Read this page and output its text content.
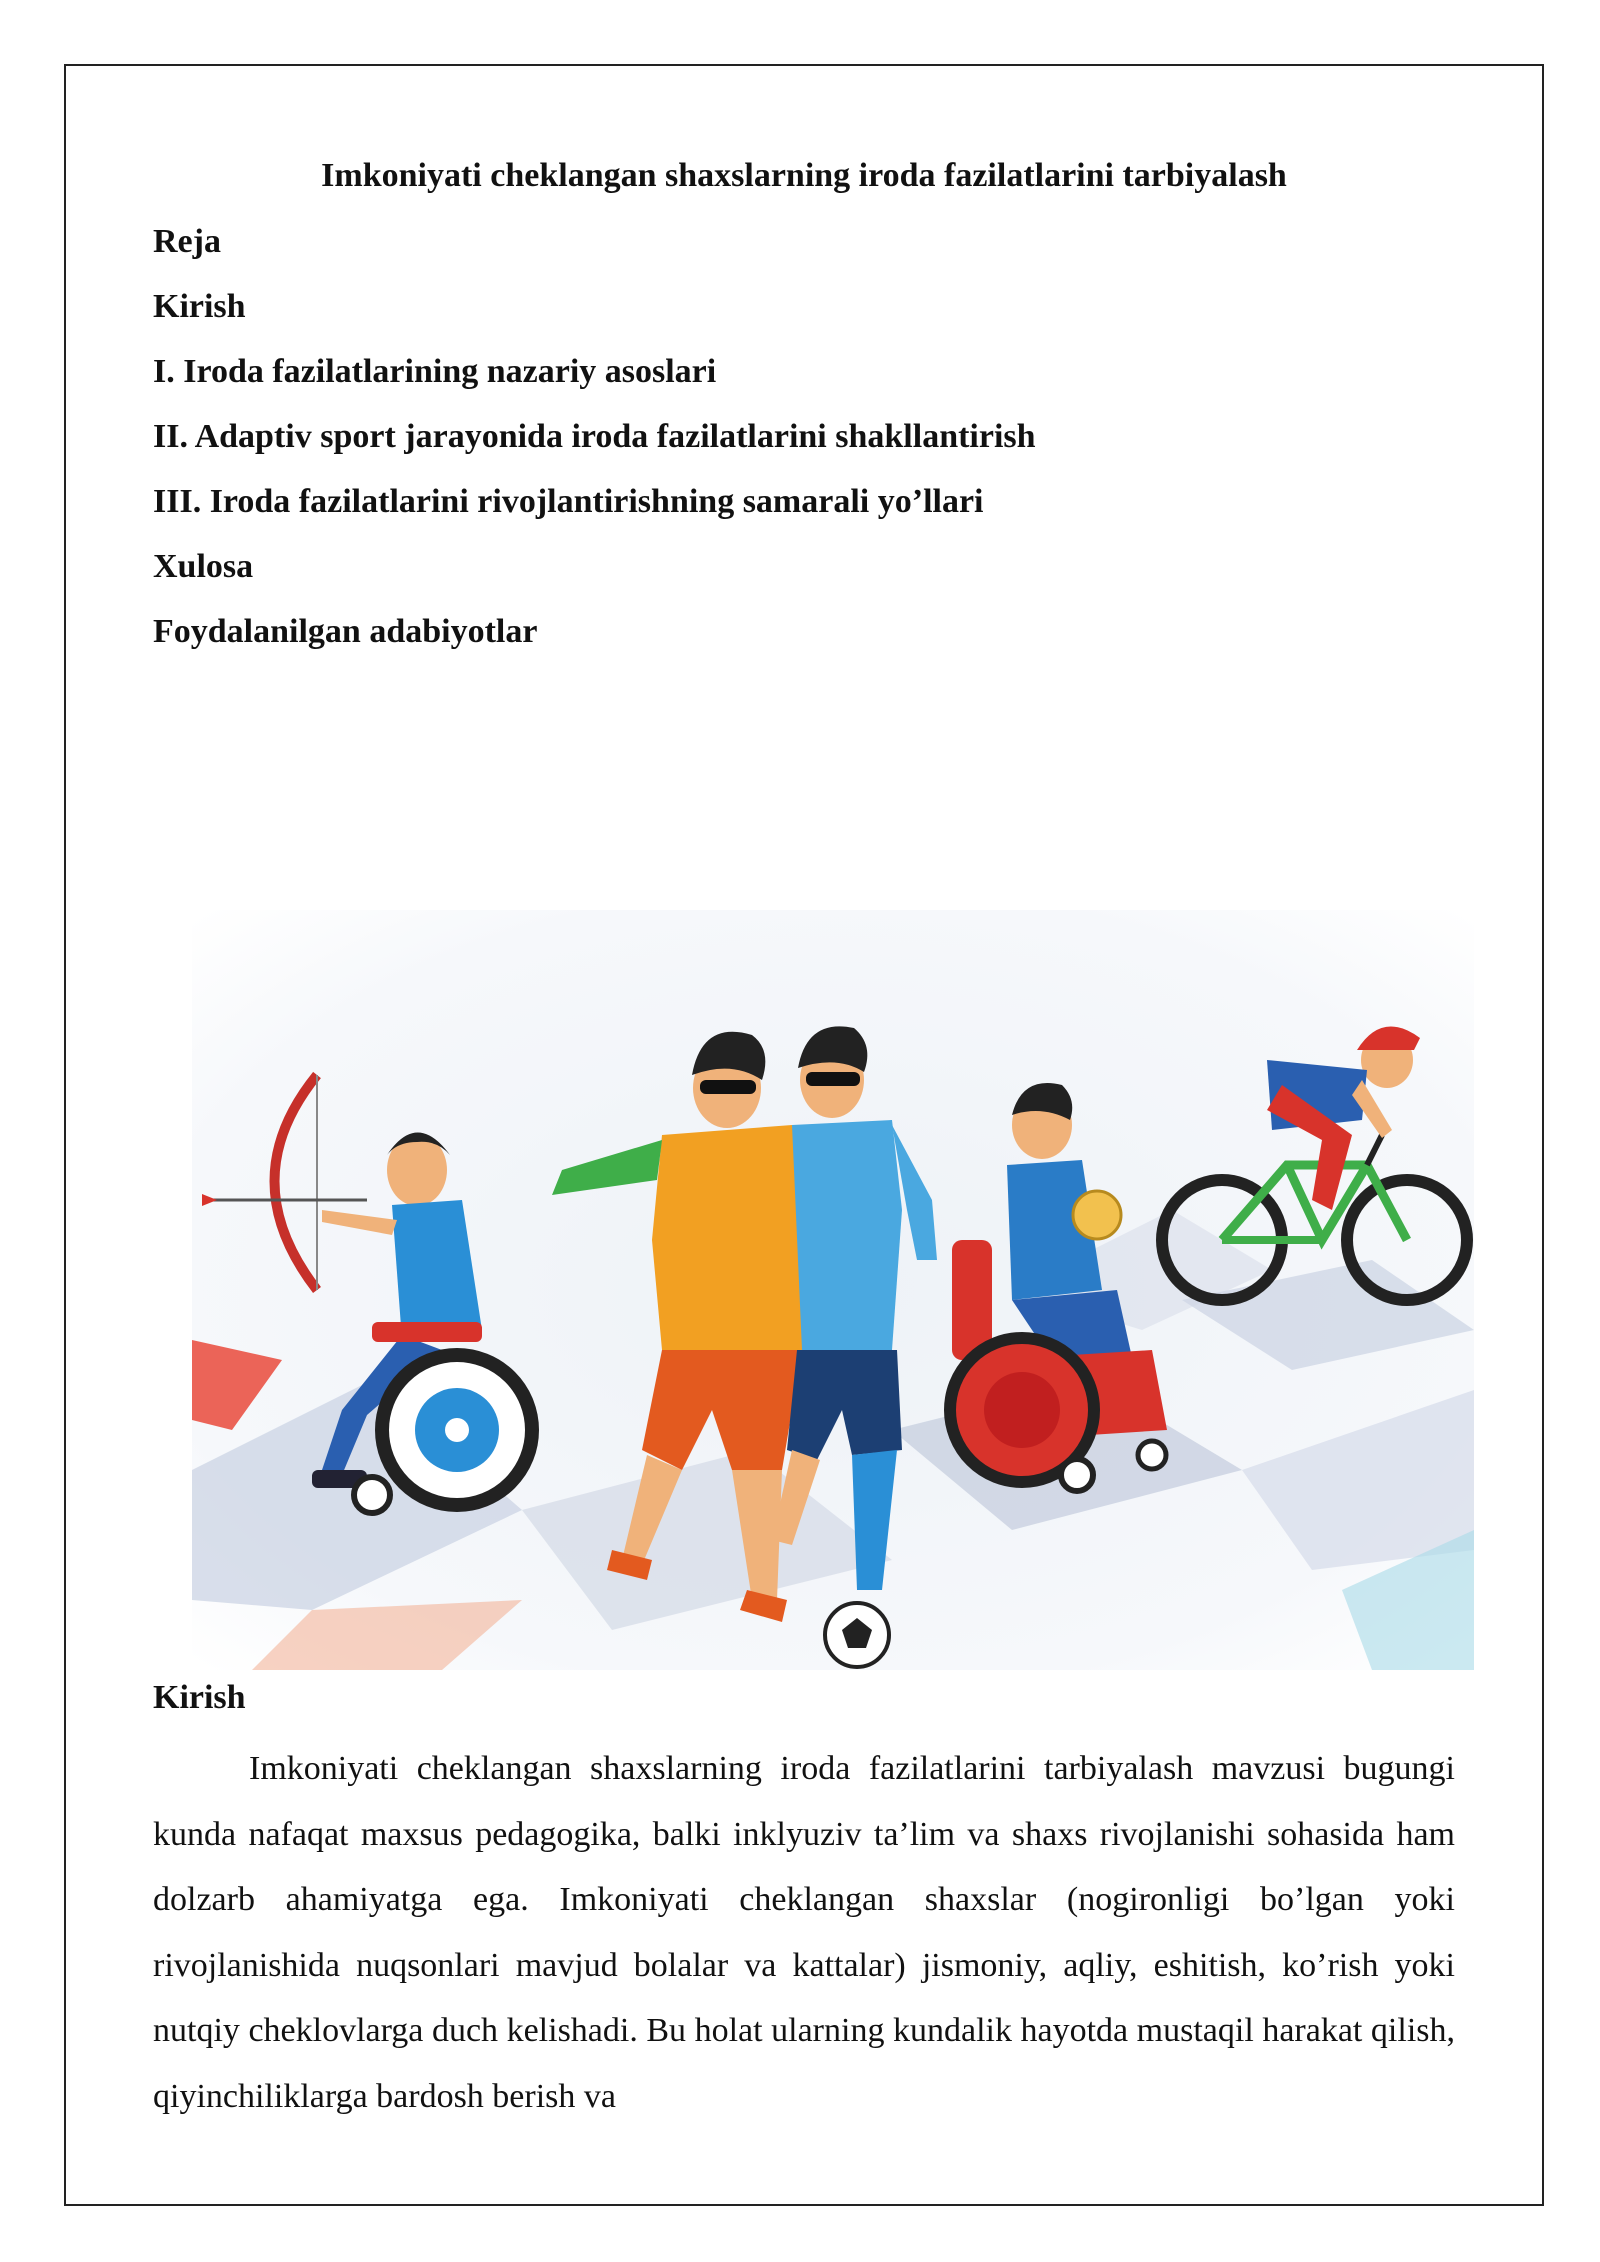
Imkoniyati cheklangan shaxslarning iroda fazilatlarini tarbiyalash

Reja

Kirish

I. Iroda fazilatlarining nazariy asoslari

II. Adaptiv sport jarayonida iroda fazilatlarini shakllantirish

III. Iroda fazilatlarini rivojlantirishning samarali yo’llari

Xulosa

Foydalanilgan adabiyotlar

Kirish

Imkoniyati cheklangan shaxslarning iroda fazilatlarini tarbiyalash mavzusi bugungi kunda nafaqat maxsus pedagogika, balki inklyuziv ta’lim va shaxs rivojlanishi sohasida ham dolzarb ahamiyatga ega. Imkoniyati cheklangan shaxslar (nogironligi bo’lgan yoki rivojlanishida nuqsonlari mavjud bolalar va kattalar) jismoniy, aqliy, eshitish, ko’rish yoki nutqiy cheklovlarga duch kelishadi. Bu holat ularning kundalik hayotda mustaqil harakat qilish, qiyinchiliklarga bardosh berish va
